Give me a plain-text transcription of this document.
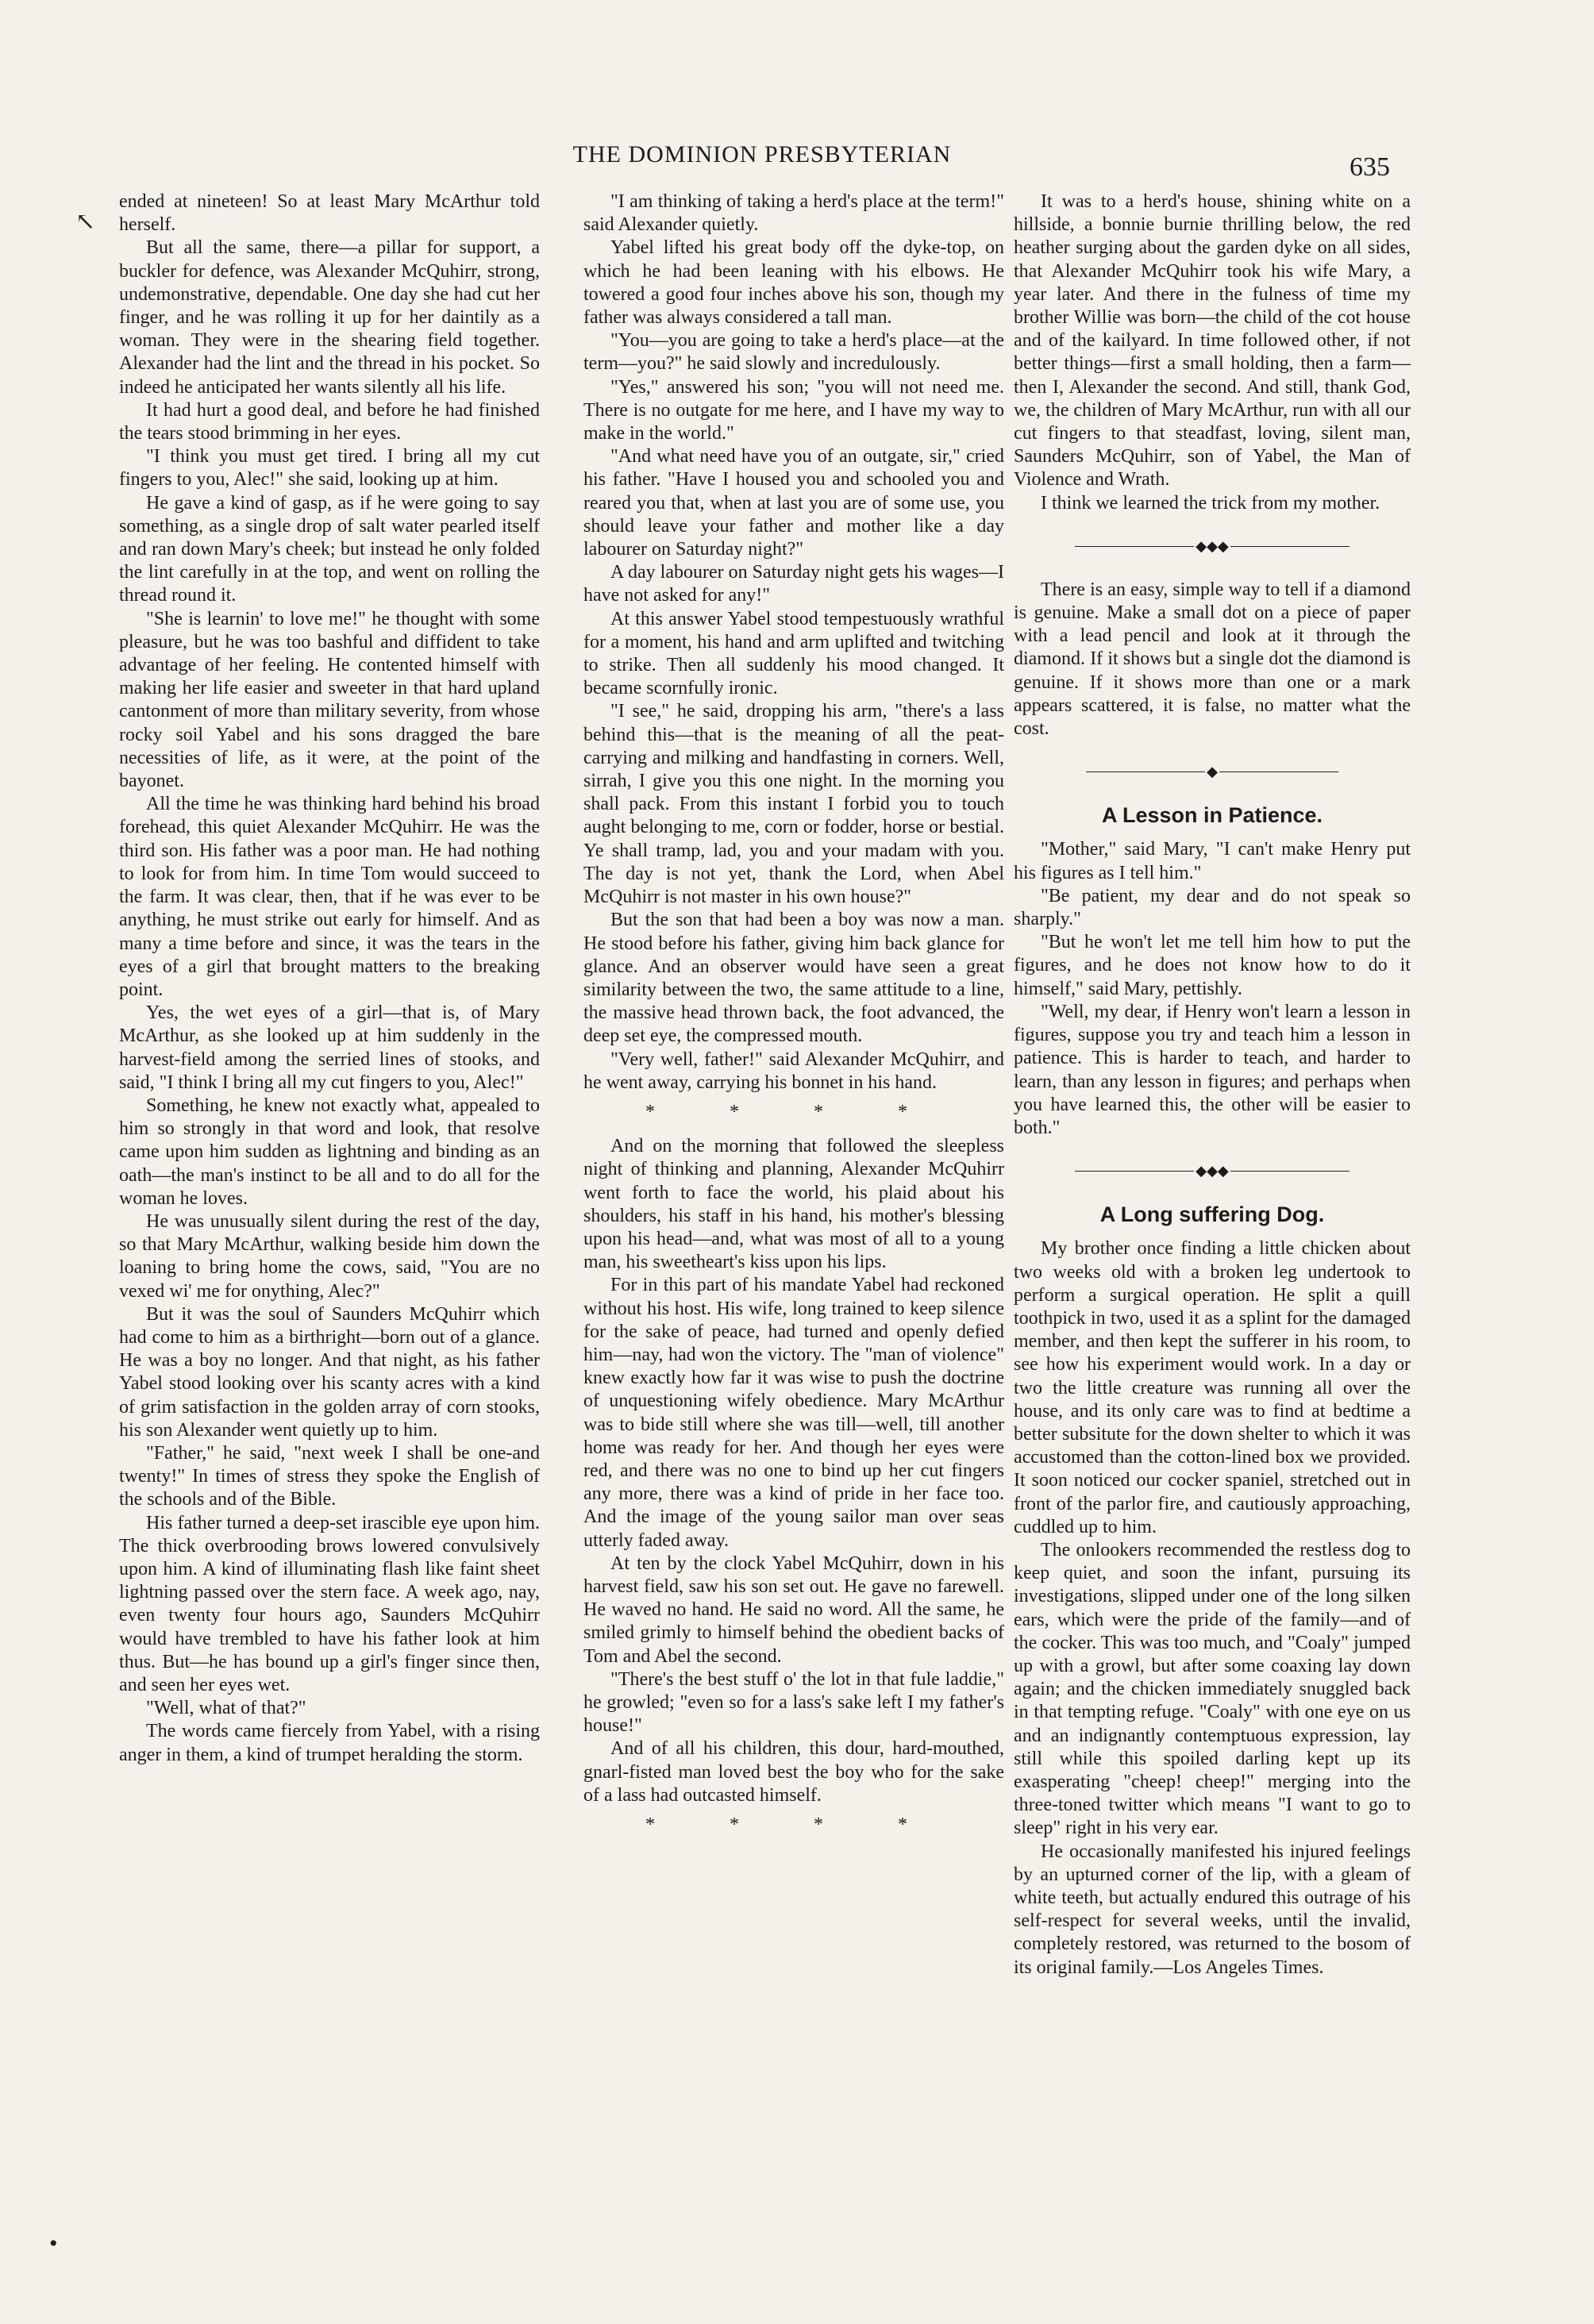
THE DOMINION PRESBYTERIAN	635

ended at nineteen! So at least Mary McArthur told herself.

But all the same, there—a pillar for support, a buckler for defence, was Alexander McQuhirr, strong, undemonstrative, dependable. One day she had cut her finger, and he was rolling it up for her daintily as a woman. They were in the shearing field together. Alexander had the lint and the thread in his pocket. So indeed he anticipated her wants silently all his life.

It had hurt a good deal, and before he had finished the tears stood brimming in her eyes.

"I think you must get tired. I bring all my cut fingers to you, Alec!" she said, looking up at him.

He gave a kind of gasp, as if he were going to say something, as a single drop of salt water pearled itself and ran down Mary's cheek; but instead he only folded the lint carefully in at the top, and went on rolling the thread round it.

"She is learnin' to love me!" he thought with some pleasure, but he was too bashful and diffident to take advantage of her feeling. He contented himself with making her life easier and sweeter in that hard upland cantonment of more than military severity, from whose rocky soil Yabel and his sons dragged the bare necessities of life, as it were, at the point of the bayonet.

All the time he was thinking hard behind his broad forehead, this quiet Alexander McQuhirr. He was the third son. His father was a poor man. He had nothing to look for from him. In time Tom would succeed to the farm. It was clear, then, that if he was ever to be anything, he must strike out early for himself. And as many a time before and since, it was the tears in the eyes of a girl that brought matters to the breaking point.

Yes, the wet eyes of a girl—that is, of Mary McArthur, as she looked up at him suddenly in the harvest-field among the serried lines of stooks, and said, "I think I bring all my cut fingers to you, Alec!"

Something, he knew not exactly what, appealed to him so strongly in that word and look, that resolve came upon him sudden as lightning and binding as an oath—the man's instinct to be all and to do all for the woman he loves.

He was unusually silent during the rest of the day, so that Mary McArthur, walking beside him down the loaning to bring home the cows, said, "You are no vexed wi' me for onything, Alec?"

But it was the soul of Saunders McQuhirr which had come to him as a birthright—born out of a glance. He was a boy no longer. And that night, as his father Yabel stood looking over his scanty acres with a kind of grim satisfaction in the golden array of corn stooks, his son Alexander went quietly up to him.

"Father," he said, "next week I shall be one-and twenty!" In times of stress they spoke the English of the schools and of the Bible.

His father turned a deep-set irascible eye upon him. The thick overbrooding brows lowered convulsively upon him. A kind of illuminating flash like faint sheet lightning passed over the stern face. A week ago, nay, even twenty four hours ago, Saunders McQuhirr would have trembled to have his father look at him thus. But—he has bound up a girl's finger since then, and seen her eyes wet.

"Well, what of that?"

The words came fiercely from Yabel, with a rising anger in them, a kind of trumpet heralding the storm.

"I am thinking of taking a herd's place at the term!" said Alexander quietly.

Yabel lifted his great body off the dyke-top, on which he had been leaning with his elbows. He towered a good four inches above his son, though my father was always considered a tall man.

"You—you are going to take a herd's place—at the term—you?" he said slowly and incredulously.

"Yes," answered his son; "you will not need me. There is no outgate for me here, and I have my way to make in the world."

"And what need have you of an outgate, sir," cried his father. "Have I housed you and schooled you and reared you that, when at last you are of some use, you should leave your father and mother like a day labourer on Saturday night?"

A day labourer on Saturday night gets his wages—I have not asked for any!"

At this answer Yabel stood tempestuously wrathful for a moment, his hand and arm uplifted and twitching to strike. Then all suddenly his mood changed. It became scornfully ironic.

"I see," he said, dropping his arm, "there's a lass behind this—that is the meaning of all the peat-carrying and milking and handfasting in corners. Well, sirrah, I give you this one night. In the morning you shall pack. From this instant I forbid you to touch aught belonging to me, corn or fodder, horse or bestial. Ye shall tramp, lad, you and your madam with you. The day is not yet, thank the Lord, when Abel McQuhirr is not master in his own house?"

But the son that had been a boy was now a man. He stood before his father, giving him back glance for glance. And an observer would have seen a great similarity between the two, the same attitude to a line, the massive head thrown back, the foot advanced, the deep set eye, the compressed mouth.

"Very well, father!" said Alexander McQuhirr, and he went away, carrying his bonnet in his hand.

* * * *

And on the morning that followed the sleepless night of thinking and planning, Alexander McQuhirr went forth to face the world, his plaid about his shoulders, his staff in his hand, his mother's blessing upon his head—and, what was most of all to a young man, his sweetheart's kiss upon his lips.

For in this part of his mandate Yabel had reckoned without his host. His wife, long trained to keep silence for the sake of peace, had turned and openly defied him—nay, had won the victory. The "man of violence" knew exactly how far it was wise to push the doctrine of unquestioning wifely obedience. Mary McArthur was to bide still where she was till—well, till another home was ready for her. And though her eyes were red, and there was no one to bind up her cut fingers any more, there was a kind of pride in her face too. And the image of the young sailor man over seas utterly faded away.

At ten by the clock Yabel McQuhirr, down in his harvest field, saw his son set out. He gave no farewell. He waved no hand. He said no word. All the same, he smiled grimly to himself behind the obedient backs of Tom and Abel the second.

"There's the best stuff o' the lot in that fule laddie," he growled; "even so for a lass's sake left I my father's house!"

And of all his children, this dour, hard-mouthed, gnarl-fisted man loved best the boy who for the sake of a lass had outcasted himself.

* * * *

It was to a herd's house, shining white on a hillside, a bonnie burnie thrilling below, the red heather surging about the garden dyke on all sides, that Alexander McQuhirr took his wife Mary, a year later. And there in the fulness of time my brother Willie was born—the child of the cot house and of the kailyard. In time followed other, if not better things—first a small holding, then a farm—then I, Alexander the second. And still, thank God, we, the children of Mary McArthur, run with all our cut fingers to that steadfast, loving, silent man, Saunders McQuhirr, son of Yabel, the Man of Violence and Wrath.

I think we learned the trick from my mother.

◆◆◆

There is an easy, simple way to tell if a diamond is genuine. Make a small dot on a piece of paper with a lead pencil and look at it through the diamond. If it shows but a single dot the diamond is genuine. If it shows more than one or a mark appears scattered, it is false, no matter what the cost.

◆
A Lesson in Patience.

"Mother," said Mary, "I can't make Henry put his figures as I tell him."

"Be patient, my dear and do not speak so sharply."

"But he won't let me tell him how to put the figures, and he does not know how to do it himself," said Mary, pettishly.

"Well, my dear, if Henry won't learn a lesson in figures, suppose you try and teach him a lesson in patience. This is harder to teach, and harder to learn, than any lesson in figures; and perhaps when you have learned this, the other will be easier to both."

◆◆◆
A Long suffering Dog.

My brother once finding a little chicken about two weeks old with a broken leg undertook to perform a surgical operation. He split a quill toothpick in two, used it as a splint for the damaged member, and then kept the sufferer in his room, to see how his experiment would work. In a day or two the little creature was running all over the house, and its only care was to find at bedtime a better subsitute for the down shelter to which it was accustomed than the cotton-lined box we provided. It soon noticed our cocker spaniel, stretched out in front of the parlor fire, and cautiously approaching, cuddled up to him.

The onlookers recommended the restless dog to keep quiet, and soon the infant, pursuing its investigations, slipped under one of the long silken ears, which were the pride of the family—and of the cocker. This was too much, and "Coaly" jumped up with a growl, but after some coaxing lay down again; and the chicken immediately snuggled back in that tempting refuge. "Coaly" with one eye on us and an indignantly contemptuous expression, lay still while this spoiled darling kept up its exasperating "cheep! cheep!" merging into the three-toned twitter which means "I want to go to sleep" right in his very ear.

He occasionally manifested his injured feelings by an upturned corner of the lip, with a gleam of white teeth, but actually endured this outrage of his self-respect for several weeks, until the invalid, completely restored, was returned to the bosom of its original family.—Los Angeles Times.

↖
•
